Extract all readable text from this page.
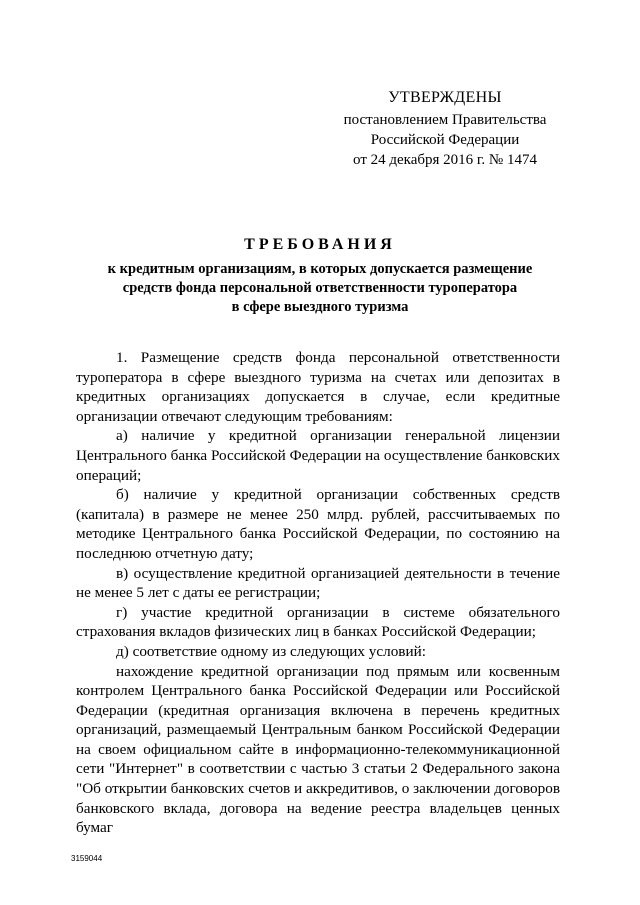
УТВЕРЖДЕНЫ
постановлением Правительства
Российской Федерации
от 24 декабря 2016 г. № 1474
ТРЕБОВАНИЯ
к кредитным организациям, в которых допускается размещение
средств фонда персональной ответственности туроператора
в сфере выездного туризма

1. Размещение средств фонда персональной ответственности туроператора в сфере выездного туризма на счетах или депозитах в кредитных организациях допускается в случае, если кредитные организации отвечают следующим требованиям:

а) наличие у кредитной организации генеральной лицензии Центрального банка Российской Федерации на осуществление банковских операций;

б) наличие у кредитной организации собственных средств (капитала) в размере не менее 250 млрд. рублей, рассчитываемых по методике Центрального банка Российской Федерации, по состоянию на последнюю отчетную дату;

в) осуществление кредитной организацией деятельности в течение не менее 5 лет с даты ее регистрации;

г) участие кредитной организации в системе обязательного страхования вкладов физических лиц в банках Российской Федерации;

д) соответствие одному из следующих условий:

нахождение кредитной организации под прямым или косвенным контролем Центрального банка Российской Федерации или Российской Федерации (кредитная организация включена в перечень кредитных организаций, размещаемый Центральным банком Российской Федерации на своем официальном сайте в информационно-телекоммуникационной сети "Интернет" в соответствии с частью 3 статьи 2 Федерального закона "Об открытии банковских счетов и аккредитивов, о заключении договоров банковского вклада, договора на ведение реестра владельцев ценных бумаг

3159044
